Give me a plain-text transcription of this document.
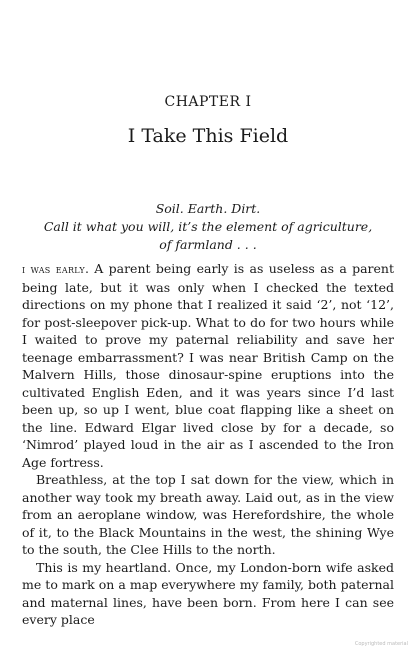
CHAPTER I
I Take This Field

Soil. Earth. Dirt.

Call it what you will, it’s the element of agriculture, of farmland . . .

i was early. A parent being early is as useless as a parent being late, but it was only when I checked the texted directions on my phone that I realized it said ‘2’, not ‘12’, for post-sleepover pick-up. What to do for two hours while I waited to prove my paternal reliability and save her teenage embarrassment? I was near British Camp on the Malvern Hills, those dinosaur-spine eruptions into the cultivated English Eden, and it was years since I’d last been up, so up I went, blue coat flapping like a sheet on the line. Edward Elgar lived close by for a decade, so ‘Nimrod’ played loud in the air as I ascended to the Iron Age fortress.

Breathless, at the top I sat down for the view, which in another way took my breath away. Laid out, as in the view from an aeroplane window, was Herefordshire, the whole of it, to the Black Mountains in the west, the shining Wye to the south, the Clee Hills to the north.

This is my heartland. Once, my London-born wife asked me to mark on a map everywhere my family, both paternal and maternal lines, have been born. From here I can see every place

Copyrighted material
